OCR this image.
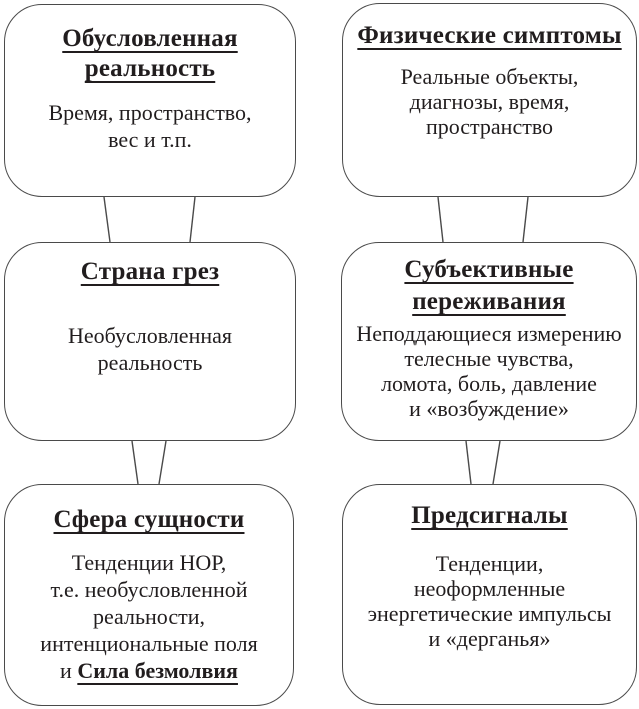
Обусловленная реальность
Время, пространство,
вес и т.п.
Физические симптомы
Реальные объекты,
диагнозы, время,
пространство
Страна грез
Необусловленная
реальность
Субъективные переживания
Неподдающиеся измерению
телесные чувства,
ломота, боль, давление
и «возбуждение»
Сфера сущности
Тенденции НОР,
т.е. необусловленной
реальности,
интенциональные поля
и Сила безмолвия
Предсигналы
Тенденции,
неоформленные
энергетические импульсы
и «дерганья»
